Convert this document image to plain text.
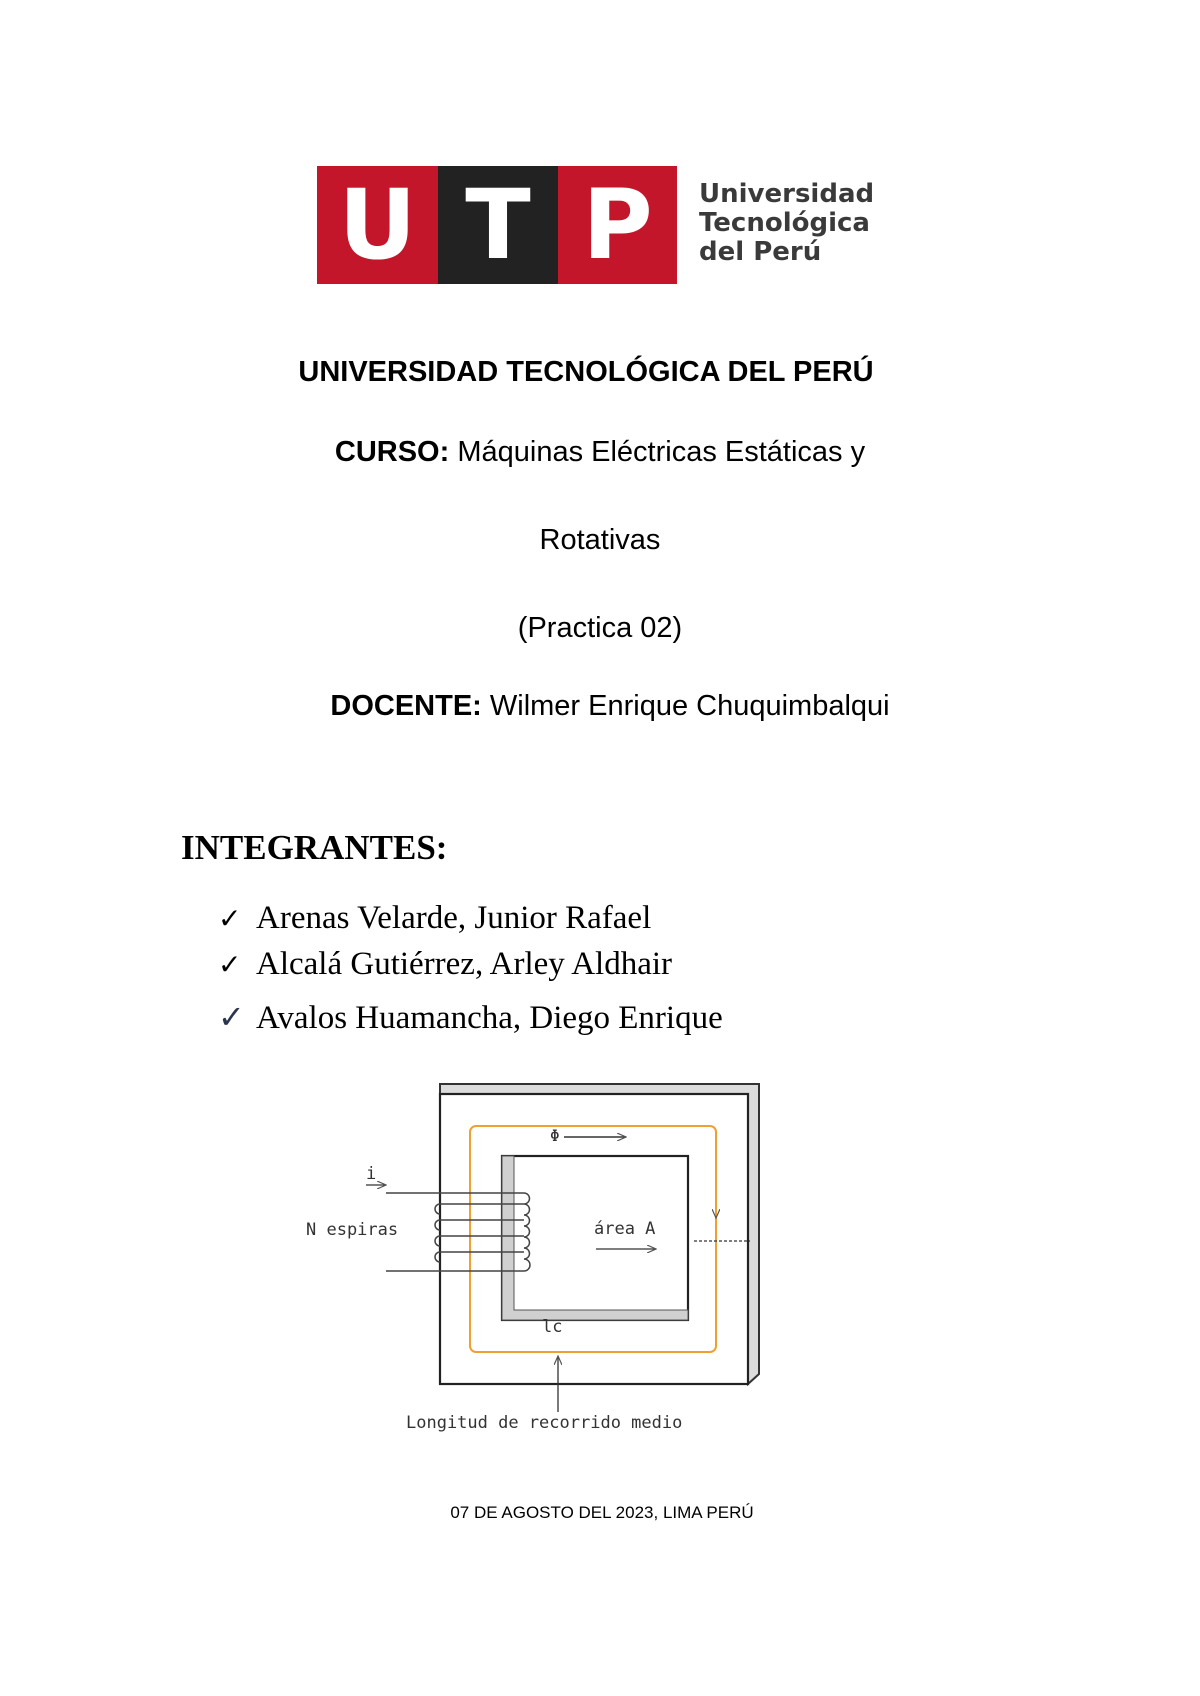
U T P	Universidad
Tecnológica
del Perú
UNIVERSIDAD TECNOLÓGICA DEL PERÚ
CURSO: Máquinas Eléctricas Estáticas y
Rotativas
(Practica 02)
DOCENTE: Wilmer Enrique Chuquimbalqui
INTEGRANTES:
✓ Arenas Velarde, Junior Rafael
✓ Alcalá Gutiérrez, Arley Aldhair
✓ Avalos Huamancha, Diego Enrique
Φ
i
N espiras	área A
lc
Longitud de recorrido medio
07 DE AGOSTO DEL 2023, LIMA PERÚ
